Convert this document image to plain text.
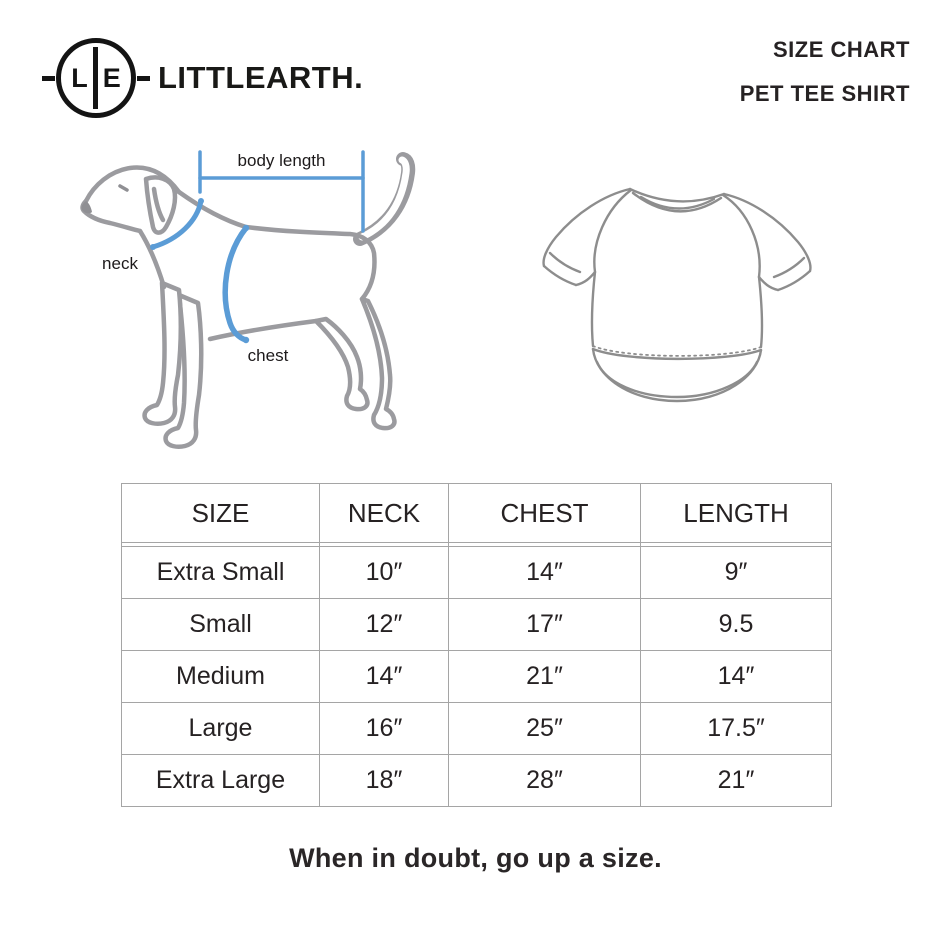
L E LITTLEARTH.
SIZE CHART
PET TEE SHIRT
body length
neck
chest
SIZE	NECK	CHEST	LENGTH

Extra Small	10″	14″	9″
Small	12″	17″	9.5
Medium	14″	21″	14″
Large	16″	25″	17.5″
Extra Large	18″	28″	21″
When in doubt, go up a size.
